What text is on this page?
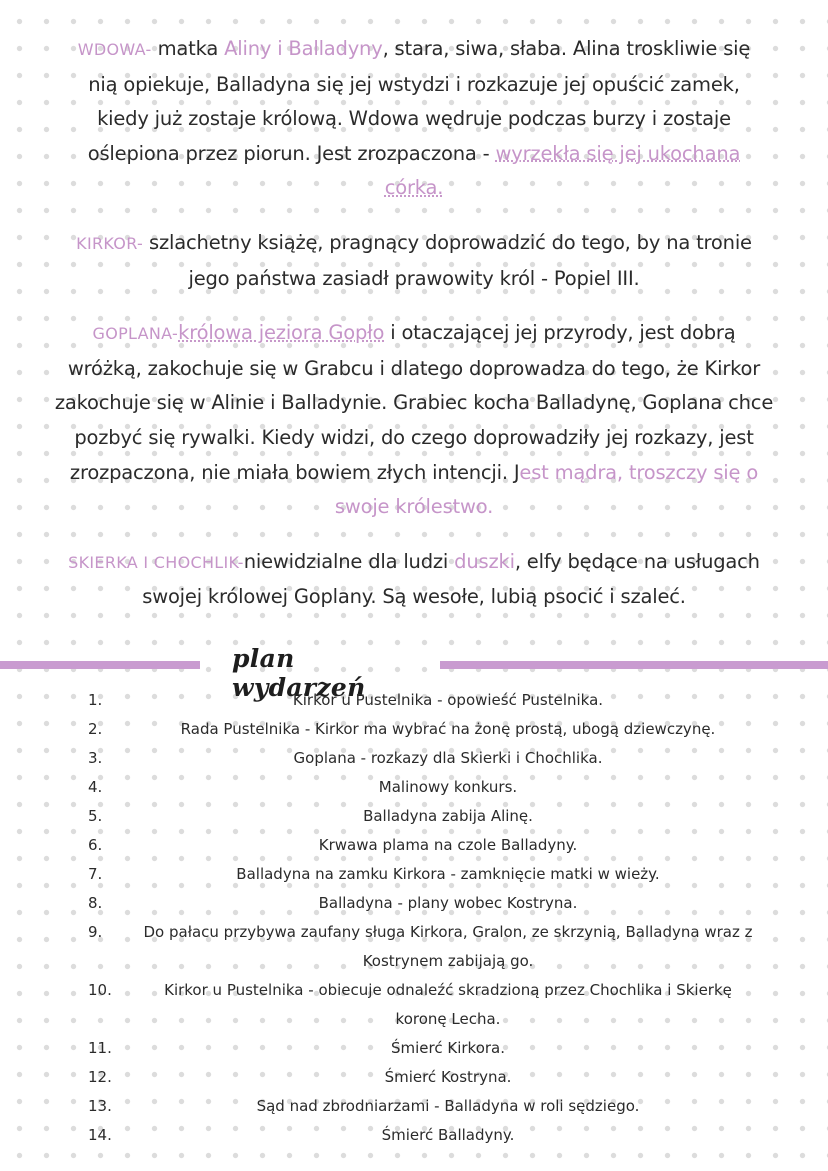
WDOWA- matka Aliny i Balladyny, stara, siwa, słaba. Alina troskliwie się nią opiekuje, Balladyna się jej wstydzi i rozkazuje jej opuścić zamek, kiedy już zostaje królową. Wdowa wędruje podczas burzy i zostaje oślepiona przez piorun. Jest zrozpaczona - wyrzekła się jej ukochana córka.

KIRKOR- szlachetny książę, pragnący doprowadzić do tego, by na tronie jego państwa zasiadł prawowity król - Popiel III.

GOPLANA-królowa jeziora Gopło i otaczającej jej przyrody, jest dobrą wróżką, zakochuje się w Grabcu i dlatego doprowadza do tego, że Kirkor zakochuje się w Alinie i Balladynie. Grabiec kocha Balladynę, Goplana chce pozbyć się rywalki. Kiedy widzi, do czego doprowadziły jej rozkazy, jest zrozpaczona, nie miała bowiem złych intencji. Jest mądra, troszczy się o swoje królestwo.

SKIERKA I CHOCHLIK-niewidzialne dla ludzi duszki, elfy będące na usługach swojej królowej Goplany. Są wesołe, lubią psocić i szaleć.

plan wydarzeń
1.	Kirkor u Pustelnika - opowieść Pustelnika.
2.	Rada Pustelnika - Kirkor ma wybrać na żonę prostą, ubogą dziewczynę.
3.	Goplana - rozkazy dla Skierki i Chochlika.
4.	Malinowy konkurs.
5.	Balladyna zabija Alinę.
6.	Krwawa plama na czole Balladyny.
7.	Balladyna na zamku Kirkora - zamknięcie matki w wieży.
8.	Balladyna - plany wobec Kostryna.
9.	Do pałacu przybywa zaufany sługa Kirkora, Gralon, ze skrzynią, Balladyna wraz z
Kostrynem zabijają go.
10.	Kirkor u Pustelnika - obiecuje odnaleźć skradzioną przez Chochlika i Skierkę
koronę Lecha.
11.	Śmierć Kirkora.
12.	Śmierć Kostryna.
13.	Sąd nad zbrodniarzami - Balladyna w roli sędziego.
14.	Śmierć Balladyny.
